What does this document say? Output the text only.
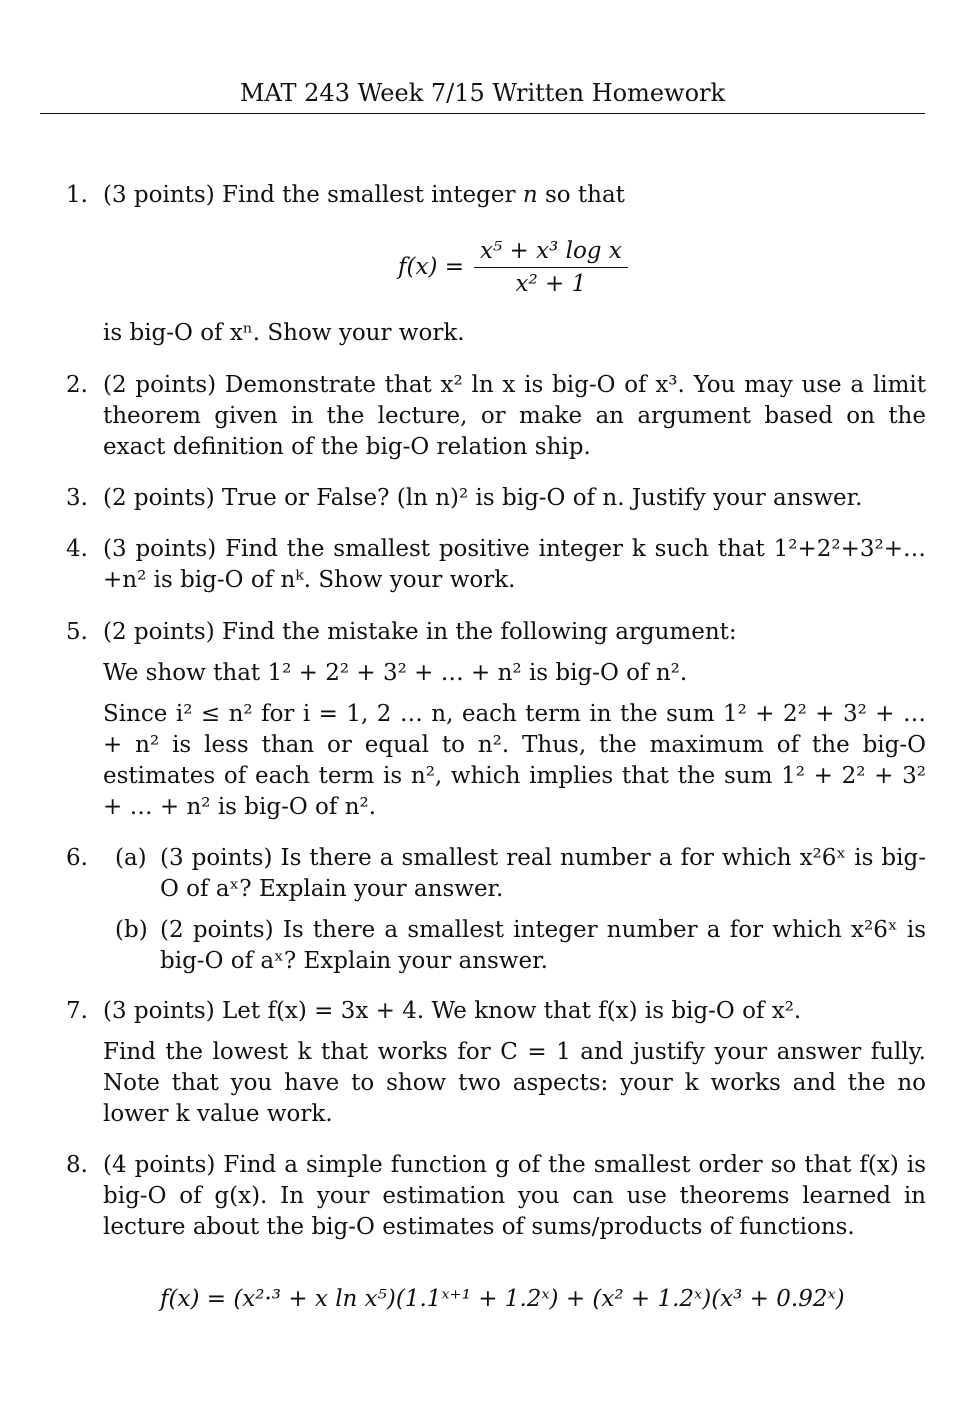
MAT 243 Week 7/15 Written Homework
1. (3 points) Find the smallest integer n so that

$f(x) = \frac{\text{x⁵ + x³ log x}}{\text{x² + 1}}$

is big-O of xⁿ. Show your work.

2. (2 points) Demonstrate that x² ln x is big-O of x³. You may use a limit theorem given in the lecture, or make an argument based on the exact definition of the big-O relation ship.

3. (2 points) True or False? (ln n)² is big-O of n. Justify your answer.

4. (3 points) Find the smallest positive integer k such that 1²+2²+3²+…+n² is big-O of nᵏ. Show your work.

5. (2 points) Find the mistake in the following argument:

We show that 1² + 2² + 3² + … + n² is big-O of n².

Since i² ≤ n² for i = 1, 2 … n, each term in the sum 1² + 2² + 3² + … + n² is less than or equal to n². Thus, the maximum of the big-O estimates of each term is n², which implies that the sum 1² + 2² + 3² + … + n² is big-O of n².

6. (a) (3 points) Is there a smallest real number a for which x²6ˣ is big-O of aˣ? Explain your answer.

(b) (2 points) Is there a smallest integer number a for which x²6ˣ is big-O of aˣ? Explain your answer.

7. (3 points) Let f(x) = 3x + 4. We know that f(x) is big-O of x².

Find the lowest k that works for C = 1 and justify your answer fully. Note that you have to show two aspects: your k works and the no lower k value work.

8. (4 points) Find a simple function g of the smallest order so that f(x) is big-O of g(x). In your estimation you can use theorems learned in lecture about the big-O estimates of sums/products of functions.

f(x) = (x²·³ + x ln x⁵)(1.1ˣ⁺¹ + 1.2ˣ) + (x² + 1.2ˣ)(x³ + 0.92ˣ)
